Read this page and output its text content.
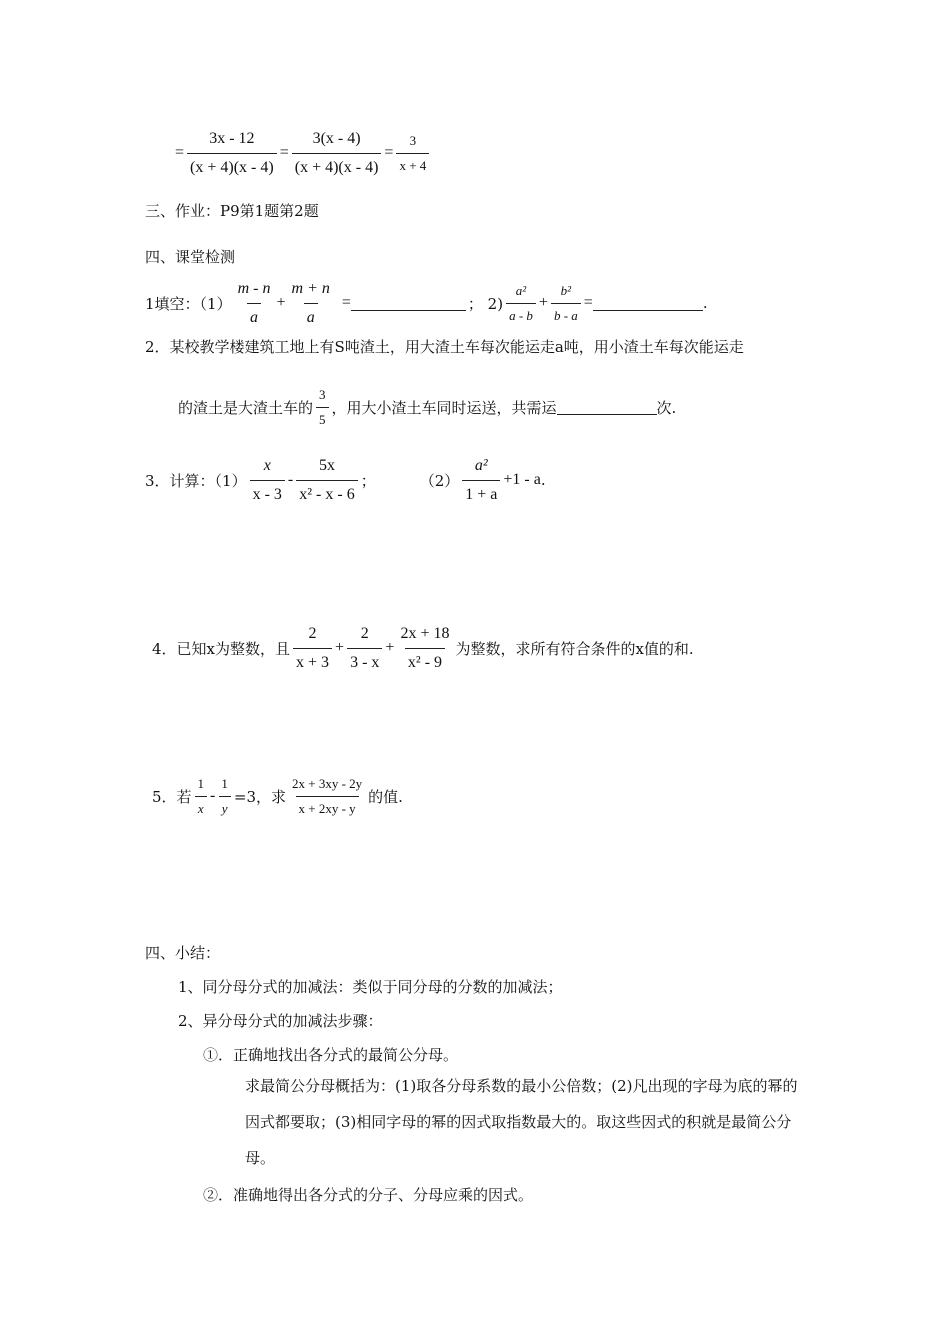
= $\frac{3x - 12}{(x + 4)(x - 4)} = \frac{3(x - 4)}{(x + 4)(x - 4)} = \frac{3}{x + 4}$
三、作业：P9第1题第2题
四、课堂检测
1填空：$(1) \frac{m - n}{a} + \frac{m + n}{a}$ =	； $2) \frac{\text{a²}}{a - b} + \frac{\text{b²}}{b - a}$ =	.
2．某校教学楼建筑工地上有S吨渣土，用大渣土车每次能运走a吨，用小渣土车每次能运走
的渣土是大渣土车的 $\frac{3}{5}$ ，用大小渣土车同时运送，共需运	次.
3．计算：$(1) \frac{x}{x - 3} - \frac{5x}{\text{x² - x - 6}}$ ；	$(2) \frac{\text{a²}}{1 + a} +1 - a$ .
4．已知x为整数，且 $\frac{2}{x + 3} + \frac{2}{3 - x} + \frac{2x + 18}{\text{x² - 9}}$ 为整数，求所有符合条件的x值的和.
5．若 $\frac{1}{x} - \frac{1}{y} =3$，求 $\frac{2x + 3xy - 2y}{x + 2xy - y}$ 的值.
四、小结：
1、同分母分式的加减法：类似于同分母的分数的加减法；
2、异分母分式的加减法步骤：
①．正确地找出各分式的最简公分母。
求最简公分母概括为：(1)取各分母系数的最小公倍数；(2)凡出现的字母为底的幂的因式都要取；(3)相同字母的幂的因式取指数最大的。取这些因式的积就是最简公分母。
②．准确地得出各分式的分子、分母应乘的因式。
